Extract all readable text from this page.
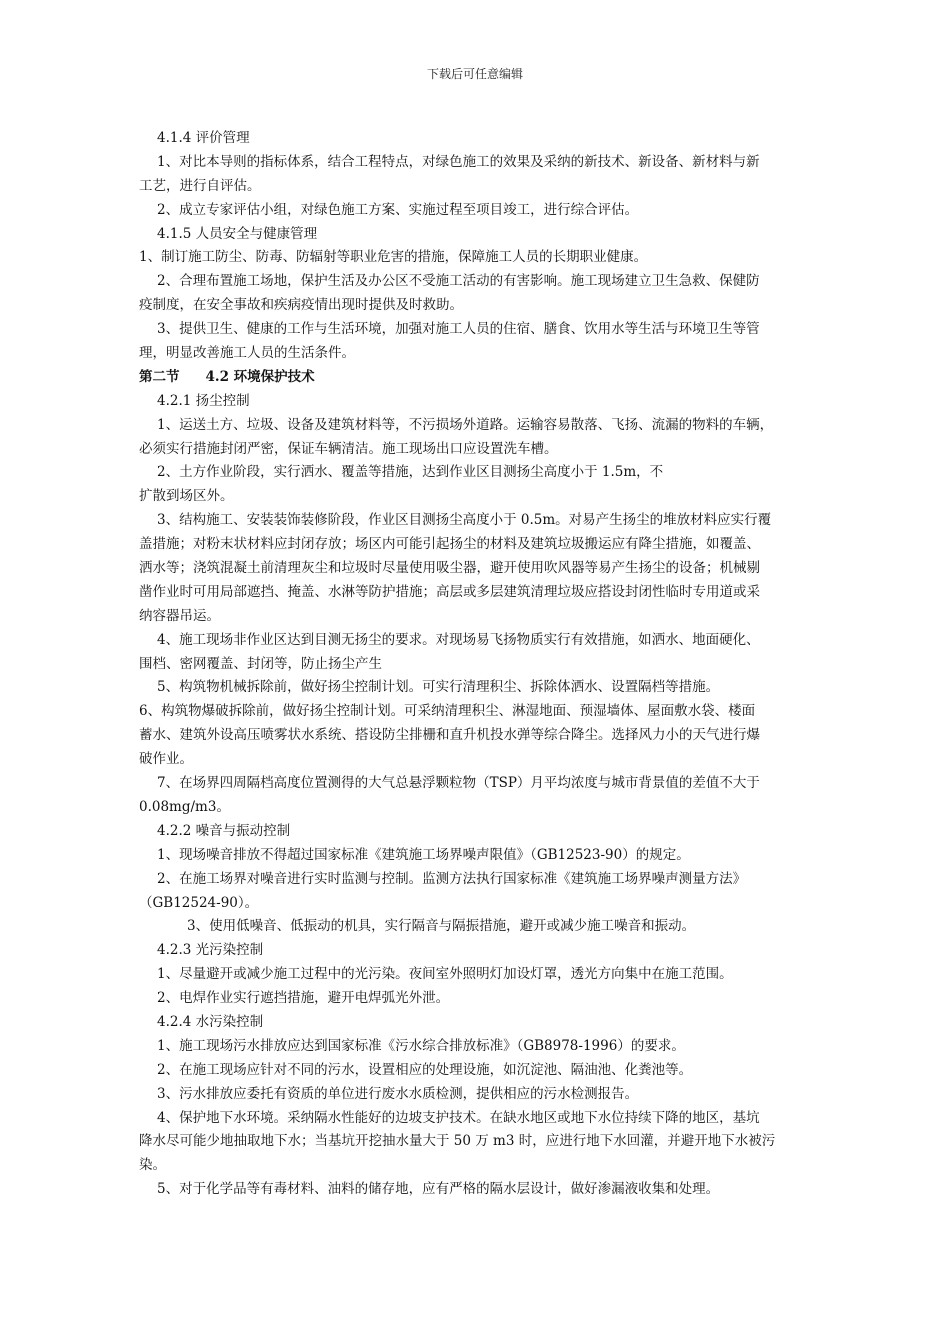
下载后可任意编辑
4.1.4 评价管理
1、对比本导则的指标体系，结合工程特点，对绿色施工的效果及采纳的新技术、新设备、新材料与新
工艺，进行自评估。
2、成立专家评估小组，对绿色施工方案、实施过程至项目竣工，进行综合评估。
4.1.5 人员安全与健康管理
1、制订施工防尘、防毒、防辐射等职业危害的措施，保障施工人员的长期职业健康。
2、合理布置施工场地，保护生活及办公区不受施工活动的有害影响。施工现场建立卫生急救、保健防
疫制度，在安全事故和疾病疫情出现时提供及时救助。
3、提供卫生、健康的工作与生活环境，加强对施工人员的住宿、膳食、饮用水等生活与环境卫生等管
理，明显改善施工人员的生活条件。
第二节 4.2 环境保护技术
4.2.1 扬尘控制
1、运送土方、垃圾、设备及建筑材料等，不污损场外道路。运输容易散落、飞扬、流漏的物料的车辆，
必须实行措施封闭严密，保证车辆清洁。施工现场出口应设置洗车槽。
2、土方作业阶段，实行洒水、覆盖等措施，达到作业区目测扬尘高度小于 1.5m，不
扩散到场区外。
3、结构施工、安装装饰装修阶段，作业区目测扬尘高度小于 0.5m。对易产生扬尘的堆放材料应实行覆
盖措施；对粉末状材料应封闭存放；场区内可能引起扬尘的材料及建筑垃圾搬运应有降尘措施，如覆盖、
洒水等；浇筑混凝土前清理灰尘和垃圾时尽量使用吸尘器，避开使用吹风器等易产生扬尘的设备；机械剔
凿作业时可用局部遮挡、掩盖、水淋等防护措施；高层或多层建筑清理垃圾应搭设封闭性临时专用道或采
纳容器吊运。
4、施工现场非作业区达到目测无扬尘的要求。对现场易飞扬物质实行有效措施，如洒水、地面硬化、
围档、密网覆盖、封闭等，防止扬尘产生
5、构筑物机械拆除前，做好扬尘控制计划。可实行清理积尘、拆除体洒水、设置隔档等措施。
6、构筑物爆破拆除前，做好扬尘控制计划。可采纳清理积尘、淋湿地面、预湿墙体、屋面敷水袋、楼面
蓄水、建筑外设高压喷雾状水系统、搭设防尘排栅和直升机投水弹等综合降尘。选择风力小的天气进行爆
破作业。
7、在场界四周隔档高度位置测得的大气总悬浮颗粒物（TSP）月平均浓度与城市背景值的差值不大于
0.08mg/m3。
4.2.2 噪音与振动控制
1、现场噪音排放不得超过国家标准《建筑施工场界噪声限值》（GB12523-90）的规定。
2、在施工场界对噪音进行实时监测与控制。监测方法执行国家标准《建筑施工场界噪声测量方法》
（GB12524-90）。
3、使用低噪音、低振动的机具，实行隔音与隔振措施，避开或减少施工噪音和振动。
4.2.3 光污染控制
1、尽量避开或减少施工过程中的光污染。夜间室外照明灯加设灯罩，透光方向集中在施工范围。
2、电焊作业实行遮挡措施，避开电焊弧光外泄。
4.2.4 水污染控制
1、施工现场污水排放应达到国家标准《污水综合排放标准》（GB8978-1996）的要求。
2、在施工现场应针对不同的污水，设置相应的处理设施，如沉淀池、隔油池、化粪池等。
3、污水排放应委托有资质的单位进行废水水质检测，提供相应的污水检测报告。
4、保护地下水环境。采纳隔水性能好的边坡支护技术。在缺水地区或地下水位持续下降的地区，基坑
降水尽可能少地抽取地下水；当基坑开挖抽水量大于 50 万 m3 时，应进行地下水回灌，并避开地下水被污
染。
5、对于化学品等有毒材料、油料的储存地，应有严格的隔水层设计，做好渗漏液收集和处理。
